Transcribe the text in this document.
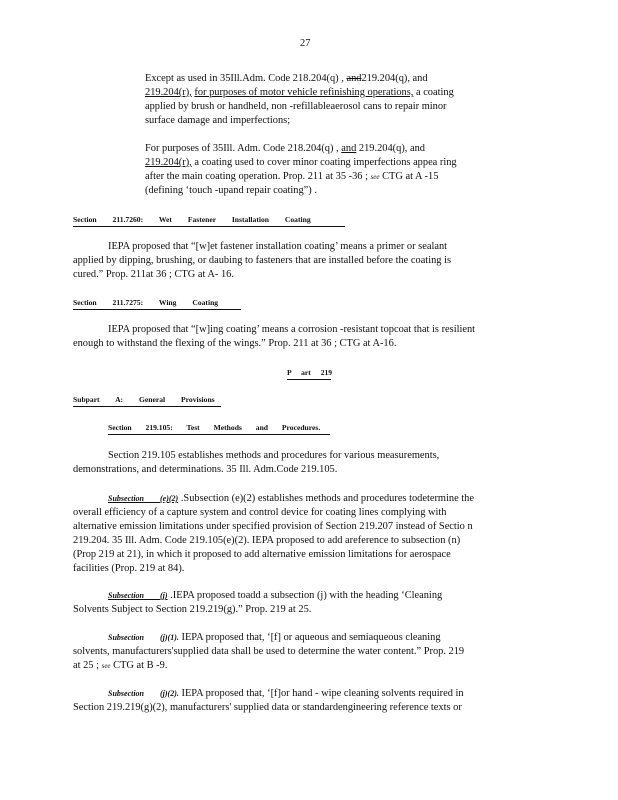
27
Except as used in 35Ill.Adm. Code 218.204(q) , and219.204(q), and
219.204(r), for purposes of motor vehicle refinishing operations, a coating
applied by brush or handheld, non -refillableaerosol cans to repair minor
surface damage and imperfections;
For purposes of 35Ill. Adm. Code 218.204(q) , and 219.204(q), and
219.204(r), a coating used to cover minor coating imperfections appea ring
after the main coating operation. Prop. 211 at 35 -36 ; see CTG at A -15
(defining ‘touch -upand repair coating”) .
Section 211.7260: Wet Fastener Installation Coating
IEPA proposed that “[w]et fastener installation coating’ means a primer or sealant
applied by dipping, brushing, or daubing to fasteners that are installed before the coating is
cured.” Prop. 211at 36 ; CTG at A- 16.
Section 211.7275: Wing Coating
IEPA proposed that “[w]ing coating’ means a corrosion -resistant topcoat that is resilient
enough to withstand the flexing of the wings.” Prop. 211 at 36 ; CTG at A-16.
P art 219
Subpart A: General Provisions
Section 219.105: Test Methods and Procedures.
Section 219.105 establishes methods and procedures for various measurements,
demonstrations, and determinations. 35 Ill. Adm.Code 219.105.
Subsection (e)(2) .Subsection (e)(2) establishes methods and procedures todetermine the
overall efficiency of a capture system and control device for coating lines complying with
alternative emission limitations under specified provision of Section 219.207 instead of Sectio n
219.204. 35 Ill. Adm. Code 219.105(e)(2). IEPA proposed to add areference to subsection (n)
(Prop 219 at 21), in which it proposed to add alternative emission limitations for aerospace
facilities (Prop. 219 at 84).
Subsection (j) .IEPA proposed toadd a subsection (j) with the heading ‘Cleaning
Solvents Subject to Section 219.219(g).” Prop. 219 at 25.
Subsection (j)(1). IEPA proposed that, ‘[f] or aqueous and semiaqueous cleaning
solvents, manufacturers'supplied data shall be used to determine the water content.” Prop. 219
at 25 ; see CTG at B -9.
Subsection (j)(2). IEPA proposed that, ‘[f]or hand - wipe cleaning solvents required in
Section 219.219(g)(2), manufacturers' supplied data or standardengineering reference texts or
